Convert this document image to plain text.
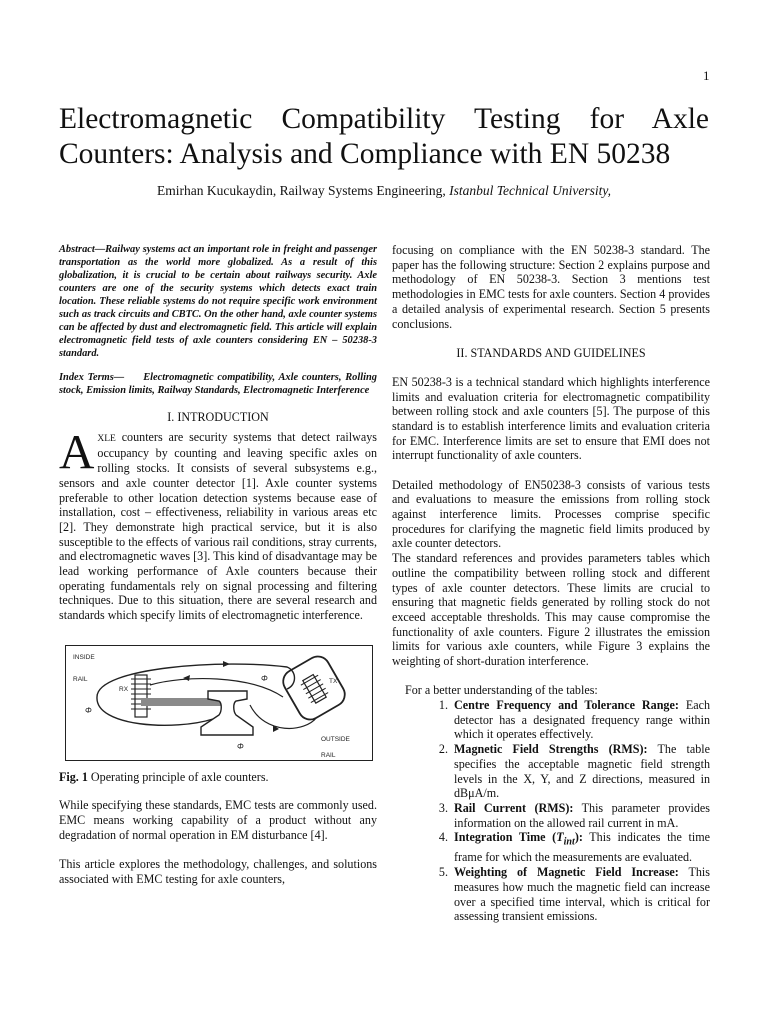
1
Electromagnetic Compatibility Testing for Axle Counters: Analysis and Compliance with EN 50238
Emirhan Kucukaydin, Railway Systems Engineering, Istanbul Technical University,

Abstract—Railway systems act an important role in freight and passenger transportation as the world more globalized. As a result of this globalization, it is crucial to be certain about railways security. Axle counters are one of the security systems which detects exact train location. These reliable systems do not require specific work environment such as track circuits and CBTC. On the other hand, axle counter systems can be affected by dust and electromagnetic field. This article will explain electromagnetic field tests of axle counters considering EN – 50238-3 standard.

Index Terms—     Electromagnetic compatibility, Axle counters, Rolling stock, Emission limits, Railway Standards, Electromagnetic Interference

I. INTRODUCTION

AXLE counters are security systems that detect railways occupancy by counting and leaving specific axles on rolling stocks. It consists of several subsystems e.g., sensors and axle counter detector [1]. Axle counter systems preferable to other location detection systems because ease of installation, cost – effectiveness, reliability in various areas etc [2]. They demonstrate high practical service, but it is also susceptible to the effects of various rail conditions, stray currents, and electromagnetic waves [3]. This kind of disadvantage may be lead working performance of Axle counters because their operating fundamentals rely on signal processing and filtering techniques. Due to this situation, there are several research and standards which specify limits of electromagnetic interference.

INSIDE
RAIL
RX
TX
OUTSIDE
RAIL
Φ
Φ
Φ

Fig. 1 Operating principle of axle counters.

While specifying these standards, EMC tests are commonly used. EMC means working capability of a product without any degradation of normal operation in EM disturbance [4].

This article explores the methodology, challenges, and solutions associated with EMC testing for axle counters,

focusing on compliance with the EN 50238-3 standard. The paper has the following structure: Section 2 explains purpose and methodology of EN 50238-3. Section 3 mentions test methodologies in EMC tests for axle counters. Section 4 provides a detailed analysis of experimental research. Section 5 presents conclusions.

II. STANDARDS AND GUIDELINES

EN 50238-3 is a technical standard which highlights interference limits and evaluation criteria for electromagnetic compatibility between rolling stock and axle counters [5]. The purpose of this standard is to establish interference limits and evaluation criteria for EMC. Interference limits are set to ensure that EMI does not interrupt functionality of axle counters.

Detailed methodology of EN50238-3 consists of various tests and evaluations to measure the emissions from rolling stock against interference limits. Processes comprise specific procedures for clarifying the magnetic field limits produced by axle counter detectors.

The standard references and provides parameters tables which outline the compatibility between rolling stock and different types of axle counter detectors. These limits are crucial to ensuring that magnetic fields generated by rolling stock do not exceed acceptable thresholds. This may cause compromise the functionality of axle counters. Figure 2 illustrates the emission limits for various axle counters, while Figure 3 explains the weighting of short-duration interference.

For a better understanding of the tables:

1. Centre Frequency and Tolerance Range: Each detector has a designated frequency range within which it operates effectively.
2. Magnetic Field Strengths (RMS): The table specifies the acceptable magnetic field strength levels in the X, Y, and Z directions, measured in dBμA/m.
3. Rail Current (RMS): This parameter provides information on the allowed rail current in mA.
4. Integration Time $(T_{int})$: This indicates the time frame for which the measurements are evaluated.
5. Weighting of Magnetic Field Increase: This measures how much the magnetic field can increase over a specified time interval, which is critical for assessing transient emissions.
